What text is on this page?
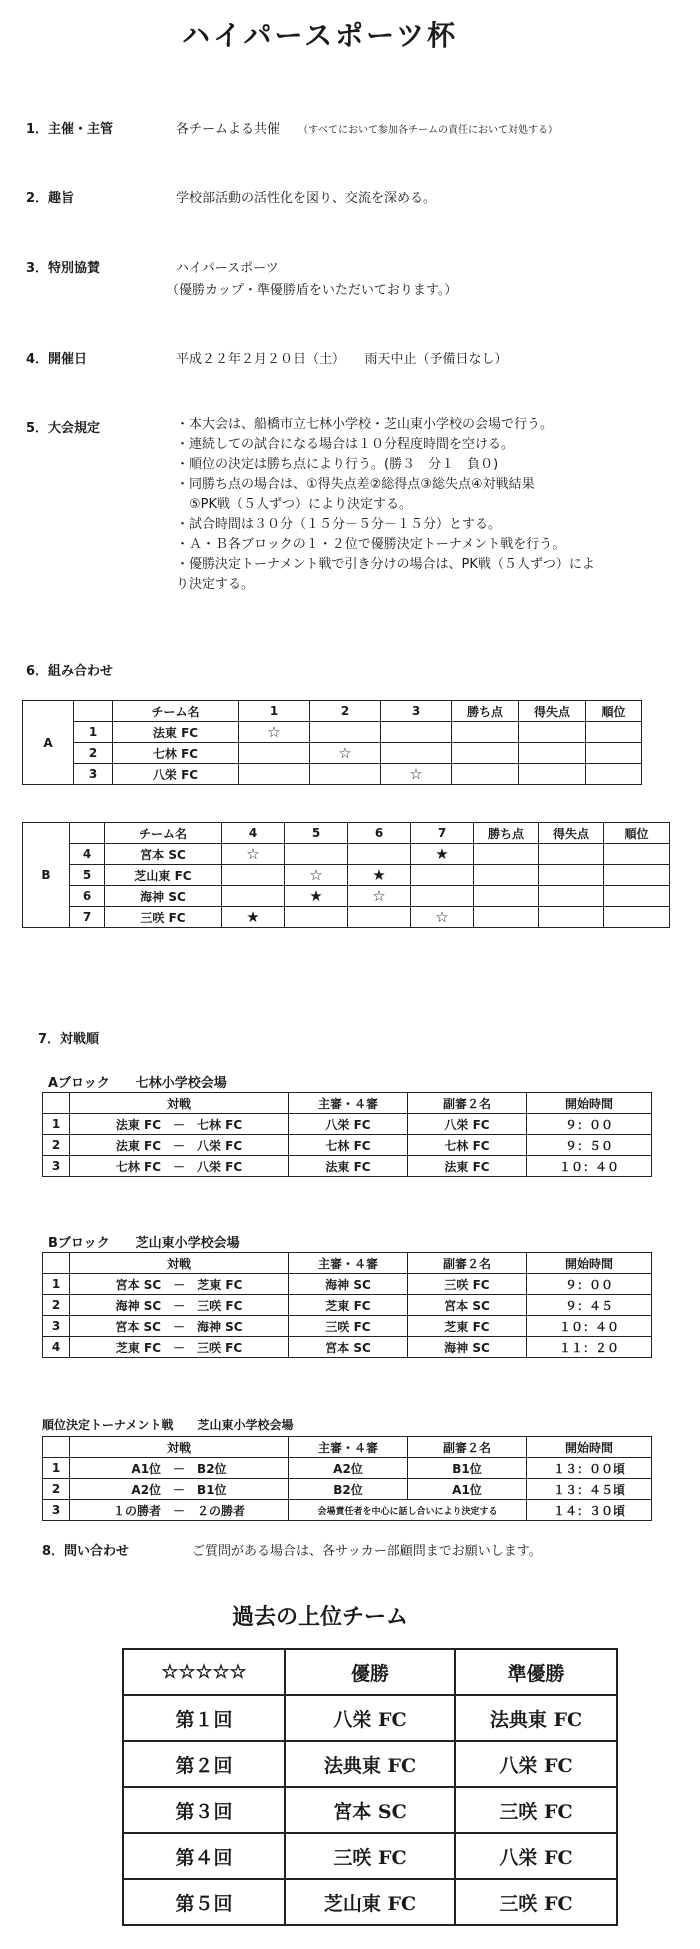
ハイパースポーツ杯
1．主催・主管	各チームよる共催 （すべてにおいて参加各チームの責任において対処する）
2．趣旨	学校部活動の活性化を図り、交流を深める。
3．特別協賛	ハイパースポーツ
（優勝カップ・準優勝盾をいただいております。）
4．開催日	平成２２年２月２０日（土）　　雨天中止（予備日なし）
5．大会規定	・本大会は、船橋市立七林小学校・芝山東小学校の会場で行う。
・連続しての試合になる場合は１０分程度時間を空ける。
・順位の決定は勝ち点により行う。(勝３　分１　負０)
・同勝ち点の場合は、①得失点差②総得点③総失点④対戦結果
　⑤PK戦（５人ずつ）により決定する。
・試合時間は３０分（１５分－５分－１５分）とする。
・Ａ・Ｂ各ブロックの１・２位で優勝決定トーナメント戦を行う。
・優勝決定トーナメント戦で引き分けの場合は、PK戦（５人ずつ）によ
り決定する。
6．組み合わせ
A		チーム名	1	2	3	勝ち点	得失点	順位
	1	法東 FC	☆					
	2	七林 FC		☆				
	3	八栄 FC			☆			
B		チーム名	4	5	6	7	勝ち点	得失点	順位
	4	宮本 SC	☆			★			
	5	芝山東 FC		☆	★				
	6	海神 SC		★	☆				
	7	三咲 FC	★			☆			
7．対戦順
Aブロック　　七林小学校会場
	対戦	主審・４審	副審２名	開始時間
1	法東 FC　－　七林 FC	八栄 FC	八栄 FC	９：００
2	法東 FC　－　八栄 FC	七林 FC	七林 FC	９：５０
3	七林 FC　－　八栄 FC	法東 FC	法東 FC	１０：４０
Bブロック　　芝山東小学校会場
	対戦	主審・４審	副審２名	開始時間
1	宮本 SC　－　芝東 FC	海神 SC	三咲 FC	９：００
2	海神 SC　－　三咲 FC	芝東 FC	宮本 SC	９：４５
3	宮本 SC　－　海神 SC	三咲 FC	芝東 FC	１０：４０
4	芝東 FC　－　三咲 FC	宮本 SC	海神 SC	１１：２０
順位決定トーナメント戦　　芝山東小学校会場
	対戦	主審・４審	副審２名	開始時間
1	A1位　－　B2位	A2位	B1位	１３：００頃
2	A2位　－　B1位	B2位	A1位	１３：４５頃
3	１の勝者　－　２の勝者	会場責任者を中心に話し合いにより決定する		１４：３０頃
8．問い合わせ	ご質問がある場合は、各サッカー部顧問までお願いします。
過去の上位チーム
☆☆☆☆☆	優勝	準優勝
第１回	八栄 FC	法典東 FC
第２回	法典東 FC	八栄 FC
第３回	宮本 SC	三咲 FC
第４回	三咲 FC	八栄 FC
第５回	芝山東 FC	三咲 FC
